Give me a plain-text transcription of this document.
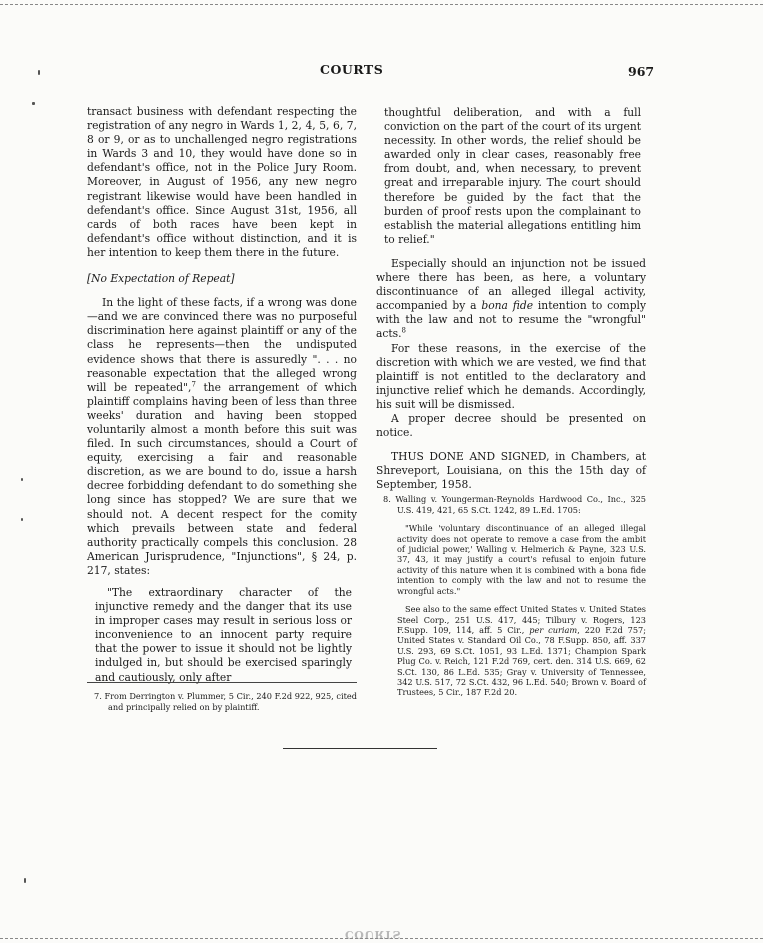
COURTS	967

transact business with defendant respecting the registration of any negro in Wards 1, 2, 4, 5, 6, 7, 8 or 9, or as to unchallenged negro registrations in Wards 3 and 10, they would have done so in defendant's office, not in the Police Jury Room. Moreover, in August of 1956, any new negro registrant likewise would have been handled in defendant's office. Since August 31st, 1956, all cards of both races have been kept in defendant's office without distinction, and it is her intention to keep them there in the future.

[No Expectation of Repeat]

In the light of these facts, if a wrong was done—and we are convinced there was no purposeful discrimination here against plaintiff or any of the class he represents—then the undisputed evidence shows that there is assuredly ". . . no reasonable expectation that the alleged wrong will be repeated",$^7$ the arrangement of which plaintiff complains having been of less than three weeks' duration and having been stopped voluntarily almost a month before this suit was filed. In such circumstances, should a Court of equity, exercising a fair and reasonable discretion, as we are bound to do, issue a harsh decree forbidding defendant to do something she long since has stopped? We are sure that we should not. A decent respect for the comity which prevails between state and federal authority practically compels this conclusion. 28 American Jurisprudence, "Injunctions", § 24, p. 217, states:

"The extraordinary character of the injunctive remedy and the danger that its use in improper cases may result in serious loss or inconvenience to an innocent party require that the power to issue it should not be lightly indulged in, but should be exercised sparingly and cautiously, only after

7. From Derrington v. Plummer, 5 Cir., 240 F.2d 922, 925, cited and principally relied on by plaintiff.

thoughtful deliberation, and with a full conviction on the part of the court of its urgent necessity. In other words, the relief should be awarded only in clear cases, reasonably free from doubt, and, when necessary, to prevent great and irreparable injury. The court should therefore be guided by the fact that the burden of proof rests upon the complainant to establish the material allegations entitling him to relief."

Especially should an injunction not be issued where there has been, as here, a voluntary discontinuance of an alleged illegal activity, accompanied by a bona fide intention to comply with the law and not to resume the "wrongful" acts.$^8$

For these reasons, in the exercise of the discretion with which we are vested, we find that plaintiff is not entitled to the declaratory and injunctive relief which he demands. Accordingly, his suit will be dismissed.

A proper decree should be presented on notice.

THUS DONE AND SIGNED, in Chambers, at Shreveport, Louisiana, on this the 15th day of September, 1958.

8. Walling v. Youngerman-Reynolds Hardwood Co., Inc., 325 U.S. 419, 421, 65 S.Ct. 1242, 89 L.Ed. 1705:

"While 'voluntary discontinuance of an alleged illegal activity does not operate to remove a case from the ambit of judicial power,' Walling v. Helmerich & Payne, 323 U.S. 37, 43, it may justify a court's refusal to enjoin future activity of this nature when it is combined with a bona fide intention to comply with the law and not to resume the wrongful acts."

See also to the same effect United States v. United States Steel Corp., 251 U.S. 417, 445; Tilbury v. Rogers, 123 F.Supp. 109, 114, aff. 5 Cir., per curiam, 220 F.2d 757; United States v. Standard Oil Co., 78 F.Supp. 850, aff. 337 U.S. 293, 69 S.Ct. 1051, 93 L.Ed. 1371; Champion Spark Plug Co. v. Reich, 121 F.2d 769, cert. den. 314 U.S. 669, 62 S.Ct. 130, 86 L.Ed. 535; Gray v. University of Tennessee, 342 U.S. 517, 72 S.Ct. 432, 96 L.Ed. 540; Brown v. Board of Trustees, 5 Cir., 187 F.2d 20.

COURTS
